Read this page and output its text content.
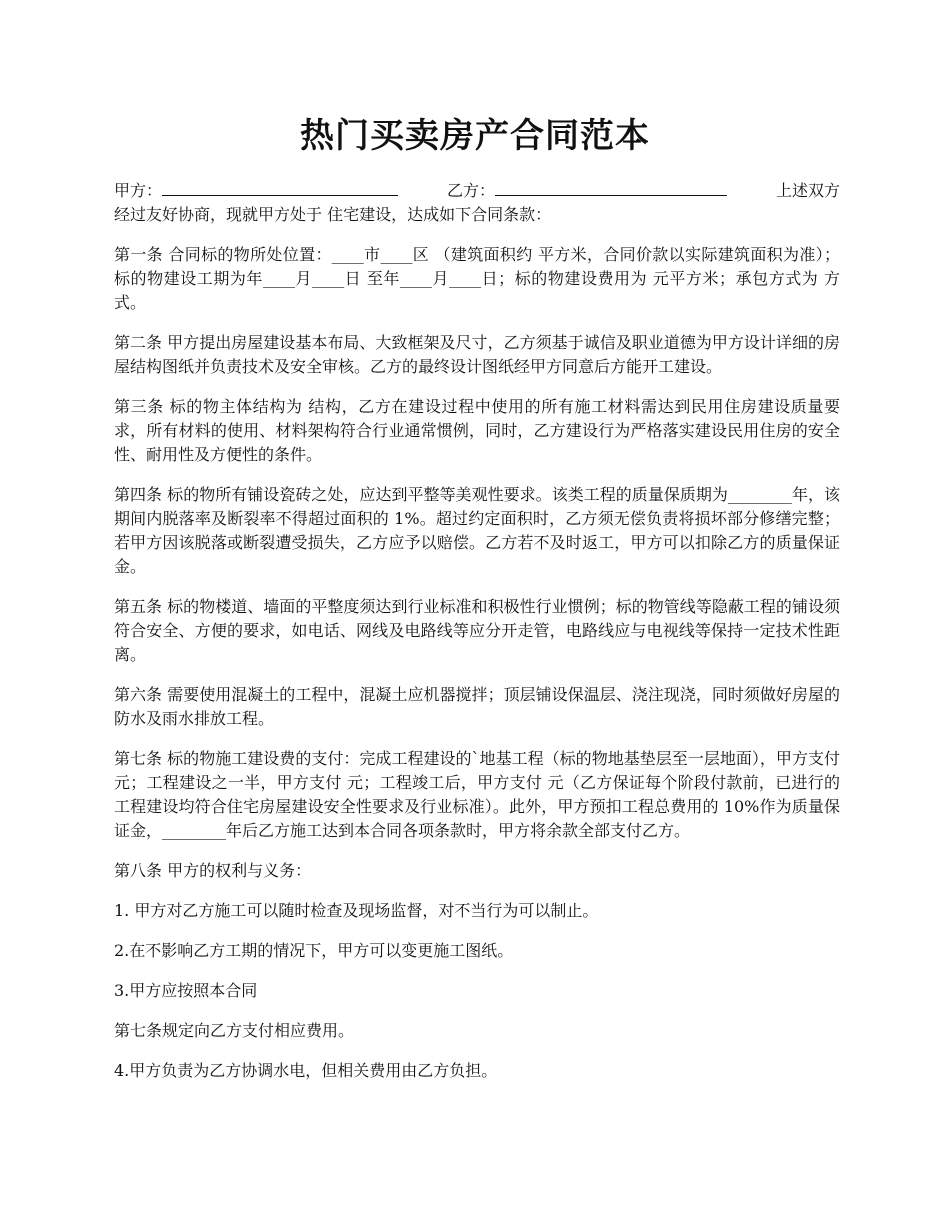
热门买卖房产合同范本
甲方：	乙方：	上述双方
经过友好协商，现就甲方处于 住宅建设，达成如下合同条款：

第一条 合同标的物所处位置：____市____区 （建筑面积约 平方米，合同价款以实际建筑面积为准）；标的物建设工期为年____月____日 至年____月____日；标的物建设费用为 元平方米；承包方式为 方式。

第二条 甲方提出房屋建设基本布局、大致框架及尺寸，乙方须基于诚信及职业道德为甲方设计详细的房屋结构图纸并负责技术及安全审核。乙方的最终设计图纸经甲方同意后方能开工建设。

第三条 标的物主体结构为 结构，乙方在建设过程中使用的所有施工材料需达到民用住房建设质量要求，所有材料的使用、材料架构符合行业通常惯例，同时，乙方建设行为严格落实建设民用住房的安全性、耐用性及方便性的条件。

第四条 标的物所有铺设瓷砖之处，应达到平整等美观性要求。该类工程的质量保质期为________年，该期间内脱落率及断裂率不得超过面积的 1%。超过约定面积时，乙方须无偿负责将损坏部分修缮完整；若甲方因该脱落或断裂遭受损失，乙方应予以赔偿。乙方若不及时返工，甲方可以扣除乙方的质量保证金。

第五条 标的物楼道、墙面的平整度须达到行业标准和积极性行业惯例；标的物管线等隐蔽工程的铺设须符合安全、方便的要求，如电话、网线及电路线等应分开走管，电路线应与电视线等保持一定技术性距离。

第六条 需要使用混凝土的工程中，混凝土应机器搅拌；顶层铺设保温层、浇注现浇，同时须做好房屋的防水及雨水排放工程。

第七条 标的物施工建设费的支付：完成工程建设的`地基工程（标的物地基垫层至一层地面），甲方支付 元；工程建设之一半，甲方支付 元；工程竣工后，甲方支付 元（乙方保证每个阶段付款前，已进行的工程建设均符合住宅房屋建设安全性要求及行业标准）。此外，甲方预扣工程总费用的 10%作为质量保证金，________年后乙方施工达到本合同各项条款时，甲方将余款全部支付乙方。

第八条 甲方的权利与义务：

1. 甲方对乙方施工可以随时检查及现场监督，对不当行为可以制止。

2.在不影响乙方工期的情况下，甲方可以变更施工图纸。

3.甲方应按照本合同

第七条规定向乙方支付相应费用。

4.甲方负责为乙方协调水电，但相关费用由乙方负担。
